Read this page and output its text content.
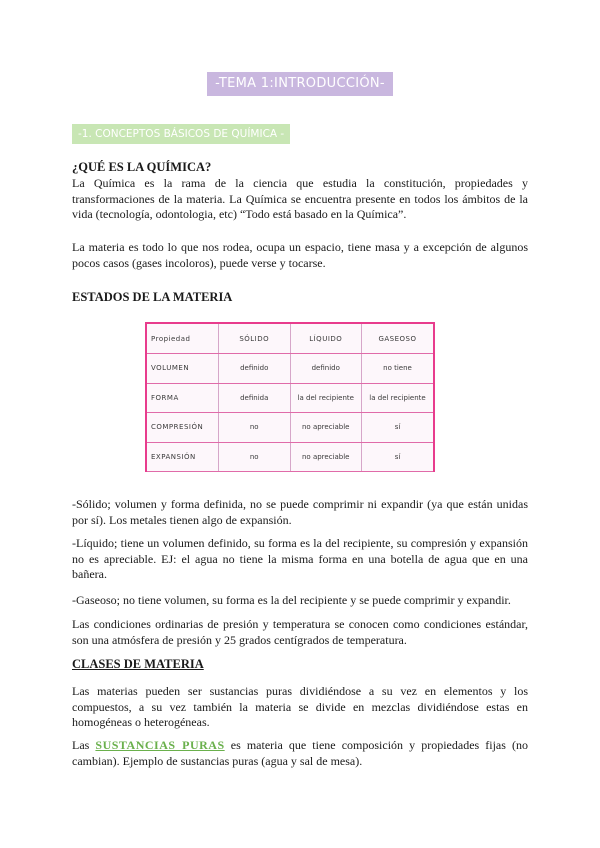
-TEMA 1:INTRODUCCIÓN-
-1. CONCEPTOS BÁSICOS DE QUÍMICA -
¿QUÉ ES LA QUÍMICA?
La Química es la rama de la ciencia que estudia la constitución, propiedades y transformaciones de la materia. La Química se encuentra presente en todos los ámbitos de la vida (tecnología, odontologia, etc) “Todo está basado en la Química”.
La materia es todo lo que nos rodea, ocupa un espacio, tiene masa y a excepción de algunos pocos casos (gases incoloros), puede verse y tocarse.
ESTADOS DE LA MATERIA
Propiedad	SÓLIDO	LÍQUIDO	GASEOSO
VOLUMEN	definido	definido	no tiene
FORMA	definida	la del recipiente	la del recipiente
COMPRESIÓN	no	no apreciable	sí
EXPANSIÓN	no	no apreciable	sí
-Sólido; volumen y forma definida, no se puede comprimir ni expandir (ya que están unidas por sí). Los metales tienen algo de expansión.
-Líquido; tiene un volumen definido, su forma es la del recipiente, su compresión y expansión no es apreciable. EJ: el agua no tiene la misma forma en una botella de agua que en una bañera.
-Gaseoso; no tiene volumen, su forma es la del recipiente y se puede comprimir y expandir.
Las condiciones ordinarias de presión y temperatura se conocen como condiciones estándar, son una atmósfera de presión y 25 grados centígrados de temperatura.
CLASES DE MATERIA
Las materias pueden ser sustancias puras dividiéndose a su vez en elementos y los compuestos, a su vez también la materia se divide en mezclas dividiéndose estas en homogéneas o heterogéneas.
Las SUSTANCIAS PURAS es materia que tiene composición y propiedades fijas (no cambian). Ejemplo de sustancias puras (agua y sal de mesa).
